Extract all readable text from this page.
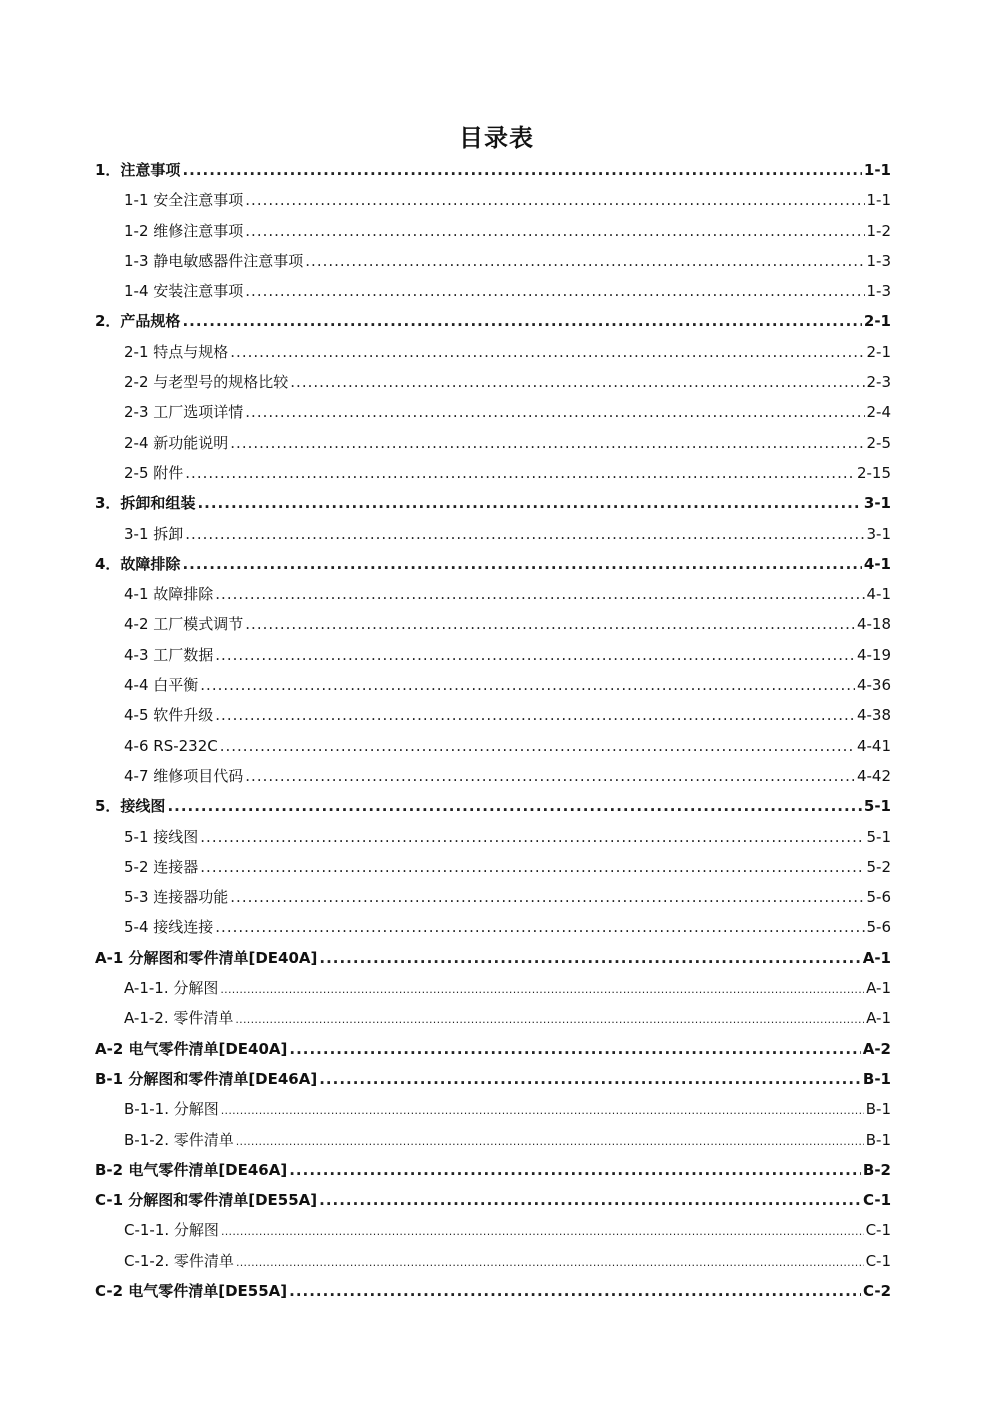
目录表
1．注意事项 .....	1-1
1-1 安全注意事项 .....	1-1
1-2 维修注意事项 .....	1-2
1-3 静电敏感器件注意事项 .....	1-3
1-4 安装注意事项 .....	1-3
2．产品规格 .....	2-1
2-1 特点与规格 .....	2-1
2-2 与老型号的规格比较 .....	2-3
2-3 工厂选项详情 .....	2-4
2-4 新功能说明 .....	2-5
2-5 附件 .....	2-15
3．拆卸和组装 .....	3-1
3-1 拆卸 .....	3-1
4．故障排除 .....	4-1
4-1 故障排除 .....	4-1
4-2 工厂模式调节 .....	4-18
4-3 工厂数据 .....	4-19
4-4 白平衡 .....	4-36
4-5 软件升级 .....	4-38
4-6 RS-232C .....	4-41
4-7 维修项目代码 .....	4-42
5．接线图 .....	5-1
5-1 接线图 .....	5-1
5-2 连接器 .....	5-2
5-3 连接器功能 .....	5-6
5-4 接线连接 .....	5-6
A-1 分解图和零件清单[DE40A] .....	A-1
A-1-1. 分解图 .....	A-1
A-1-2. 零件清单 .....	A-1
A-2 电气零件清单[DE40A] .....	A-2
B-1 分解图和零件清单[DE46A] .....	B-1
B-1-1. 分解图 .....	B-1
B-1-2. 零件清单 .....	B-1
B-2 电气零件清单[DE46A] .....	B-2
C-1 分解图和零件清单[DE55A] .....	C-1
C-1-1. 分解图 .....	C-1
C-1-2. 零件清单 .....	C-1
C-2 电气零件清单[DE55A] .....	C-2
